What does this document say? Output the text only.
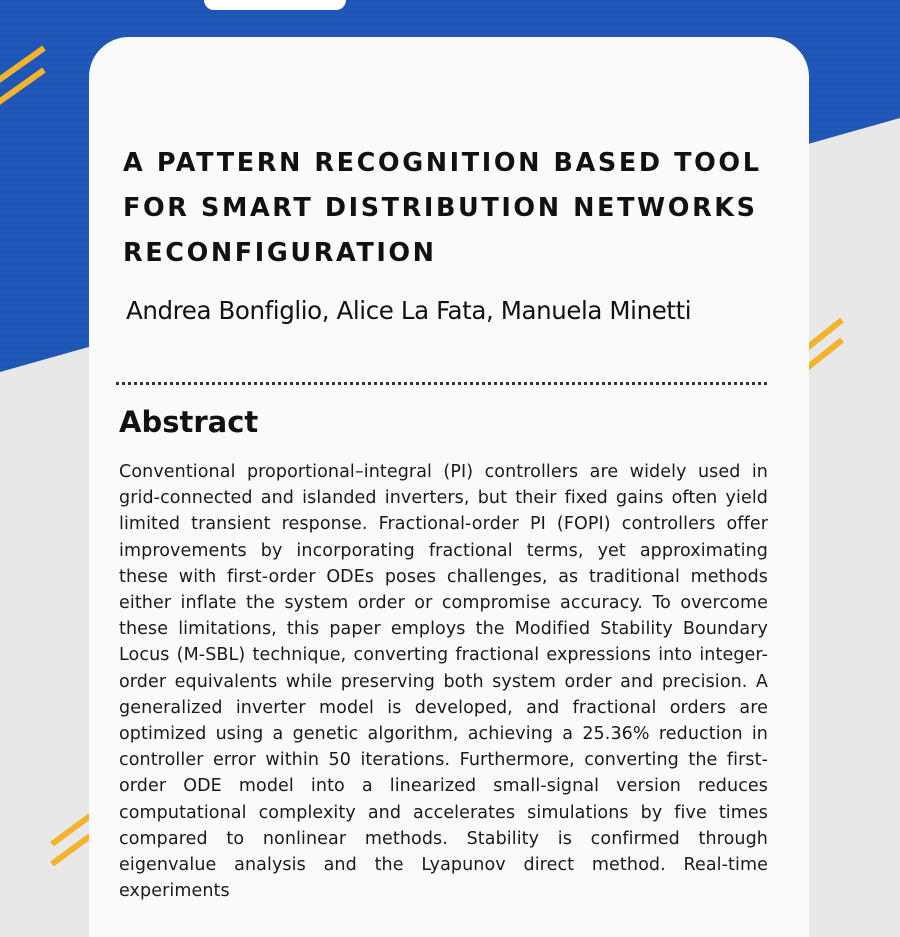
A PATTERN RECOGNITION BASED TOOL FOR SMART DISTRIBUTION NETWORKS RECONFIGURATION

Andrea Bonfiglio, Alice La Fata, Manuela Minetti

Abstract

Conventional proportional–integral (PI) controllers are widely used in grid-connected and islanded inverters, but their fixed gains often yield limited transient response. Fractional-order PI (FOPI) controllers offer improvements by incorporating fractional terms, yet approximating these with first-order ODEs poses challenges, as traditional methods either inflate the system order or compromise accuracy. To overcome these limitations, this paper employs the Modified Stability Boundary Locus (M-SBL) technique, converting fractional expressions into integer-order equivalents while preserving both system order and precision. A generalized inverter model is developed, and fractional orders are optimized using a genetic algorithm, achieving a 25.36% reduction in controller error within 50 iterations. Furthermore, converting the first-order ODE model into a linearized small-signal version reduces computational complexity and accelerates simulations by five times compared to nonlinear methods. Stability is confirmed through eigenvalue analysis and the Lyapunov direct method. Real-time experiments
